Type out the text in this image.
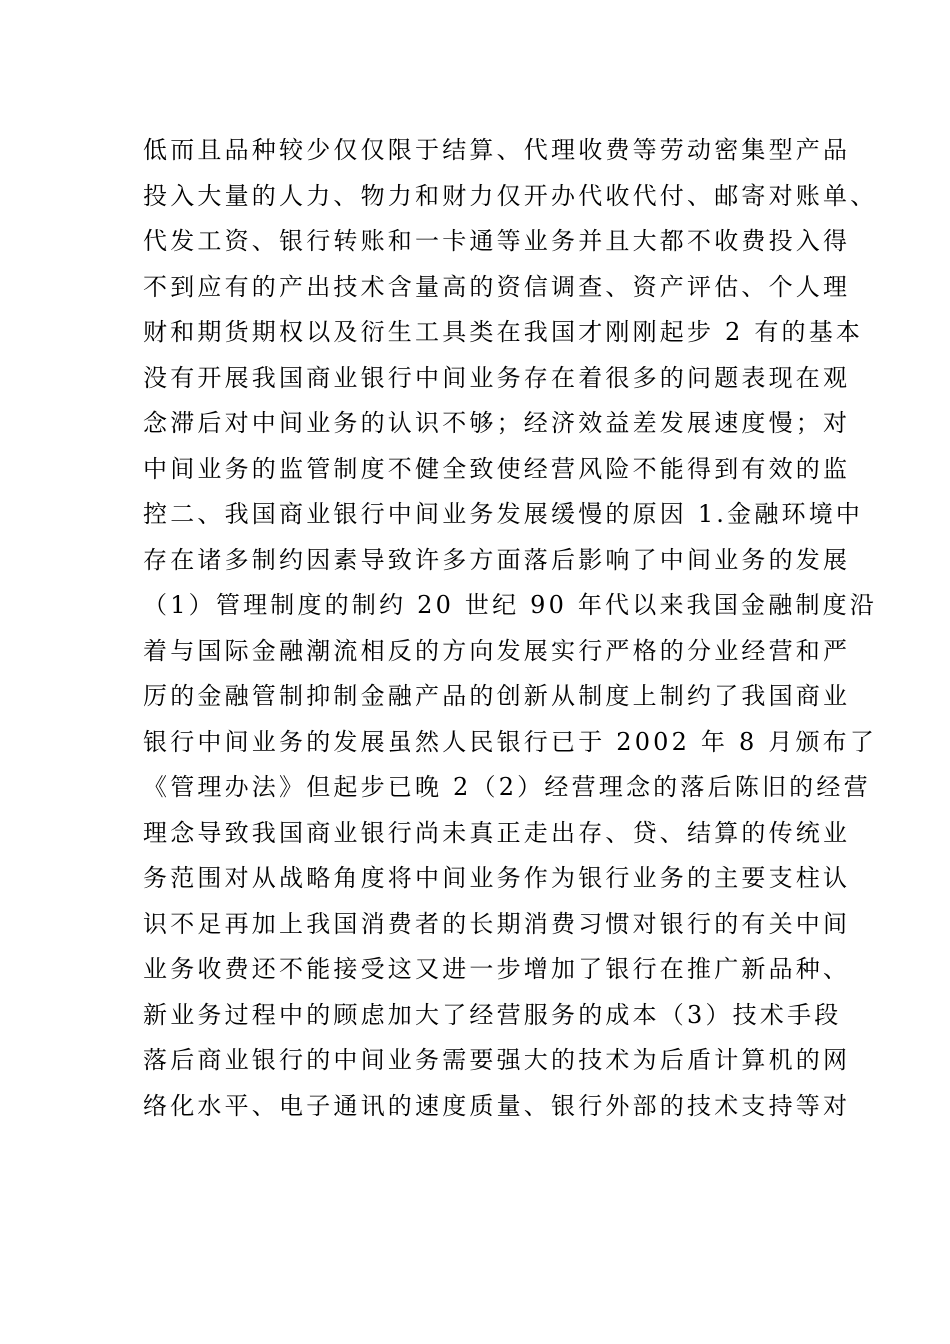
低而且品种较少仅仅限于结算、代理收费等劳动密集型产品
投入大量的人力、物力和财力仅开办代收代付、邮寄对账单、
代发工资、银行转账和一卡通等业务并且大都不收费投入得
不到应有的产出技术含量高的资信调查、资产评估、个人理
财和期货期权以及衍生工具类在我国才刚刚起步 2 有的基本
没有开展我国商业银行中间业务存在着很多的问题表现在观
念滞后对中间业务的认识不够；经济效益差发展速度慢；对
中间业务的监管制度不健全致使经营风险不能得到有效的监
控二、我国商业银行中间业务发展缓慢的原因 1.金融环境中
存在诸多制约因素导致许多方面落后影响了中间业务的发展
（1）管理制度的制约 20 世纪 90 年代以来我国金融制度沿
着与国际金融潮流相反的方向发展实行严格的分业经营和严
厉的金融管制抑制金融产品的创新从制度上制约了我国商业
银行中间业务的发展虽然人民银行已于 2002 年 8 月颁布了
《管理办法》但起步已晚 2（2）经营理念的落后陈旧的经营
理念导致我国商业银行尚未真正走出存、贷、结算的传统业
务范围对从战略角度将中间业务作为银行业务的主要支柱认
识不足再加上我国消费者的长期消费习惯对银行的有关中间
业务收费还不能接受这又进一步增加了银行在推广新品种、
新业务过程中的顾虑加大了经营服务的成本（3）技术手段
落后商业银行的中间业务需要强大的技术为后盾计算机的网
络化水平、电子通讯的速度质量、银行外部的技术支持等对
